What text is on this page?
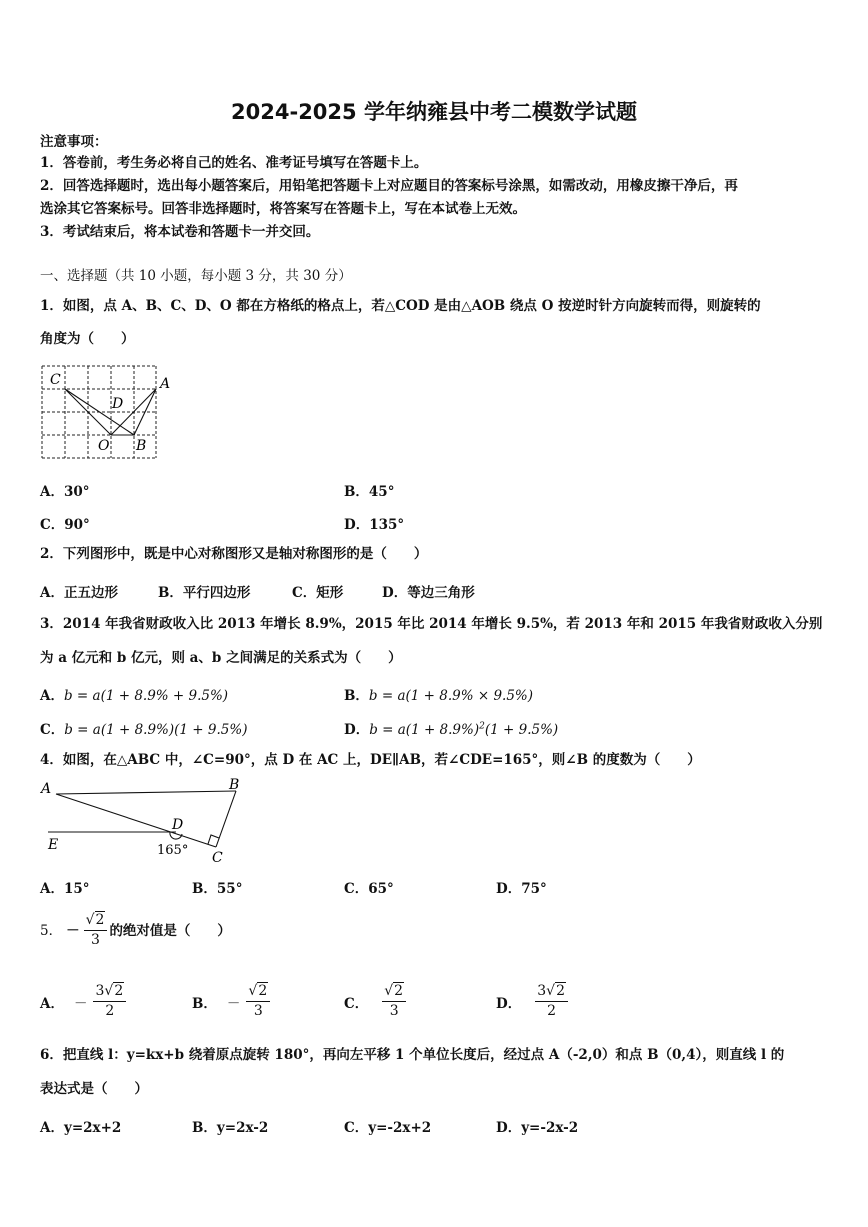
2024-2025 学年纳雍县中考二模数学试题
注意事项：
1．答卷前，考生务必将自己的姓名、准考证号填写在答题卡上。
2．回答选择题时，选出每小题答案后，用铅笔把答题卡上对应题目的答案标号涂黑，如需改动，用橡皮擦干净后，再
选涂其它答案标号。回答非选择题时，将答案写在答题卡上，写在本试卷上无效。
3．考试结束后，将本试卷和答题卡一并交回。
一、选择题（共 10 小题，每小题 3 分，共 30 分）
1．如图，点 A、B、C、D、O 都在方格纸的格点上，若△COD 是由△AOB 绕点 O 按逆时针方向旋转而得，则旋转的
角度为（　　）
C	A
D
O B
A．30°	B．45°
C．90°	D．135°
2．下列图形中，既是中心对称图形又是轴对称图形的是（　　）
A．正五边形	B．平行四边形	C．矩形	D．等边三角形
3．2014 年我省财政收入比 2013 年增长 8.9%，2015 年比 2014 年增长 9.5%，若 2013 年和 2015 年我省财政收入分别
为 a 亿元和 b 亿元，则 a、b 之间满足的关系式为（　　）
A．b = a(1 + 8.9% + 9.5%)	B．b = a(1 + 8.9% × 9.5%)
C．b = a(1 + 8.9%)(1 + 9.5%)	D．$b = a(1 + 8.9\%)^2(1 + 9.5\%)$
4．如图，在△ABC 中，∠C=90°，点 D 在 AC 上，DE∥AB，若∠CDE=165°，则∠B 的度数为（　　）
A	B
D
E
C
165°
A．15°	B．55°	C．65°	D．75°
5． － $\frac{√2}{3}$ 的绝对值是（　　）
A． － $\frac{3√2}{2}$	B． － $\frac{√2}{3}$	C． $\frac{√2}{3}$	D． $\frac{3√2}{2}$
6．把直线 l：y=kx+b 绕着原点旋转 180°，再向左平移 1 个单位长度后，经过点 A（-2,0）和点 B（0,4），则直线 l 的
表达式是（　　）
A．y=2x+2	B．y=2x-2	C．y=-2x+2	D．y=-2x-2
